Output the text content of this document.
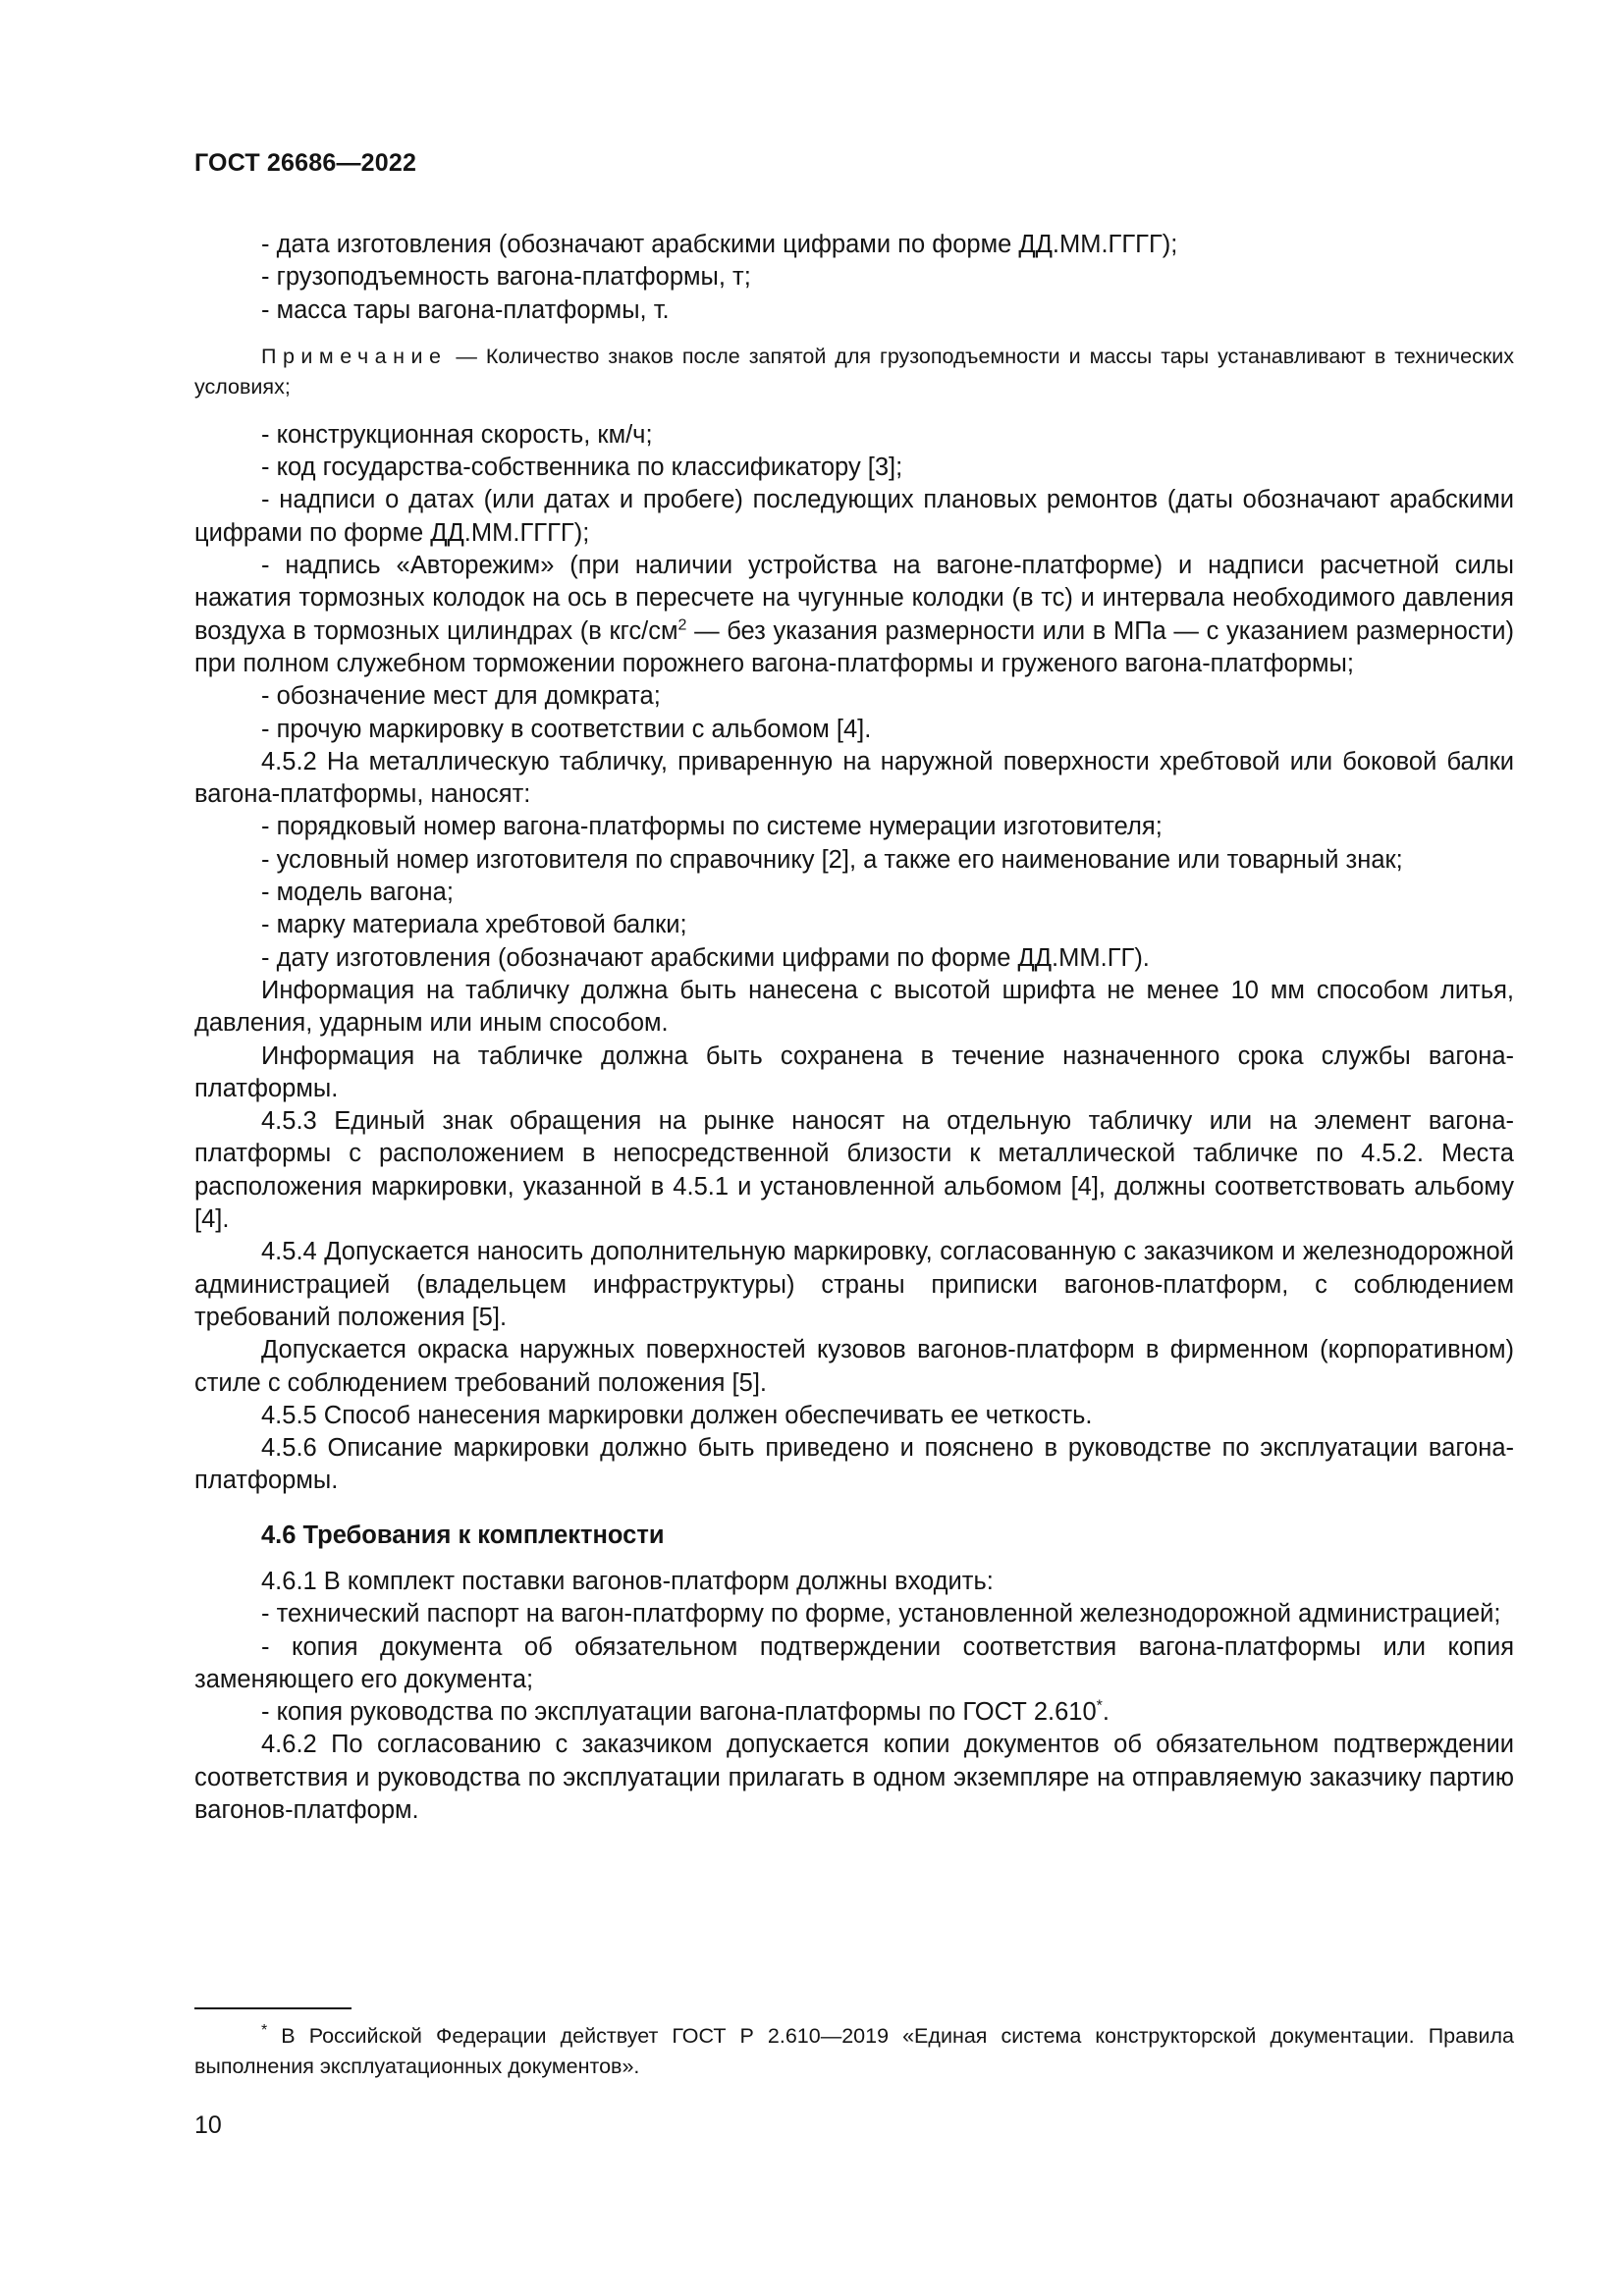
ГОСТ 26686—2022

- дата изготовления (обозначают арабскими цифрами по форме ДД.ММ.ГГГГ);

- грузоподъемность вагона-платформы, т;

- масса тары вагона-платформы, т.

Примечание — Количество знаков после запятой для грузоподъемности и массы тары устанавливают в технических условиях;

- конструкционная скорость, км/ч;

- код государства-собственника по классификатору [3];

- надписи о датах (или датах и пробеге) последующих плановых ремонтов (даты обозначают арабскими цифрами по форме ДД.ММ.ГГГГ);

- надпись «Авторежим» (при наличии устройства на вагоне-платформе) и надписи расчетной силы нажатия тормозных колодок на ось в пересчете на чугунные колодки (в тс) и интервала необходимого давления воздуха в тормозных цилиндрах (в кгс/$см^2$ — без указания размерности или в МПа — с указанием размерности) при полном служебном торможении порожнего вагона-платформы и груженого вагона-платформы;

- обозначение мест для домкрата;

- прочую маркировку в соответствии с альбомом [4].

4.5.2 На металлическую табличку, приваренную на наружной поверхности хребтовой или боковой балки вагона-платформы, наносят:

- порядковый номер вагона-платформы по системе нумерации изготовителя;

- условный номер изготовителя по справочнику [2], а также его наименование или товарный знак;

- модель вагона;

- марку материала хребтовой балки;

- дату изготовления (обозначают арабскими цифрами по форме ДД.ММ.ГГ).

Информация на табличку должна быть нанесена с высотой шрифта не менее 10 мм способом литья, давления, ударным или иным способом.

Информация на табличке должна быть сохранена в течение назначенного срока службы вагона-платформы.

4.5.3 Единый знак обращения на рынке наносят на отдельную табличку или на элемент вагона-платформы с расположением в непосредственной близости к металлической табличке по 4.5.2. Места расположения маркировки, указанной в 4.5.1 и установленной альбомом [4], должны соответствовать альбому [4].

4.5.4 Допускается наносить дополнительную маркировку, согласованную с заказчиком и железнодорожной администрацией (владельцем инфраструктуры) страны приписки вагонов-платформ, с соблюдением требований положения [5].

Допускается окраска наружных поверхностей кузовов вагонов-платформ в фирменном (корпоративном) стиле с соблюдением требований положения [5].

4.5.5 Способ нанесения маркировки должен обеспечивать ее четкость.

4.5.6 Описание маркировки должно быть приведено и пояснено в руководстве по эксплуатации вагона-платформы.

4.6 Требования к комплектности

4.6.1 В комплект поставки вагонов-платформ должны входить:

- технический паспорт на вагон-платформу по форме, установленной железнодорожной администрацией;

- копия документа об обязательном подтверждении соответствия вагона-платформы или копия заменяющего его документа;

- копия руководства по эксплуатации вагона-платформы по ГОСТ 2.610*.

4.6.2 По согласованию с заказчиком допускается копии документов об обязательном подтверждении соответствия и руководства по эксплуатации прилагать в одном экземпляре на отправляемую заказчику партию вагонов-платформ.

* В Российской Федерации действует ГОСТ Р 2.610—2019 «Единая система конструкторской документации. Правила выполнения эксплуатационных документов».

10
